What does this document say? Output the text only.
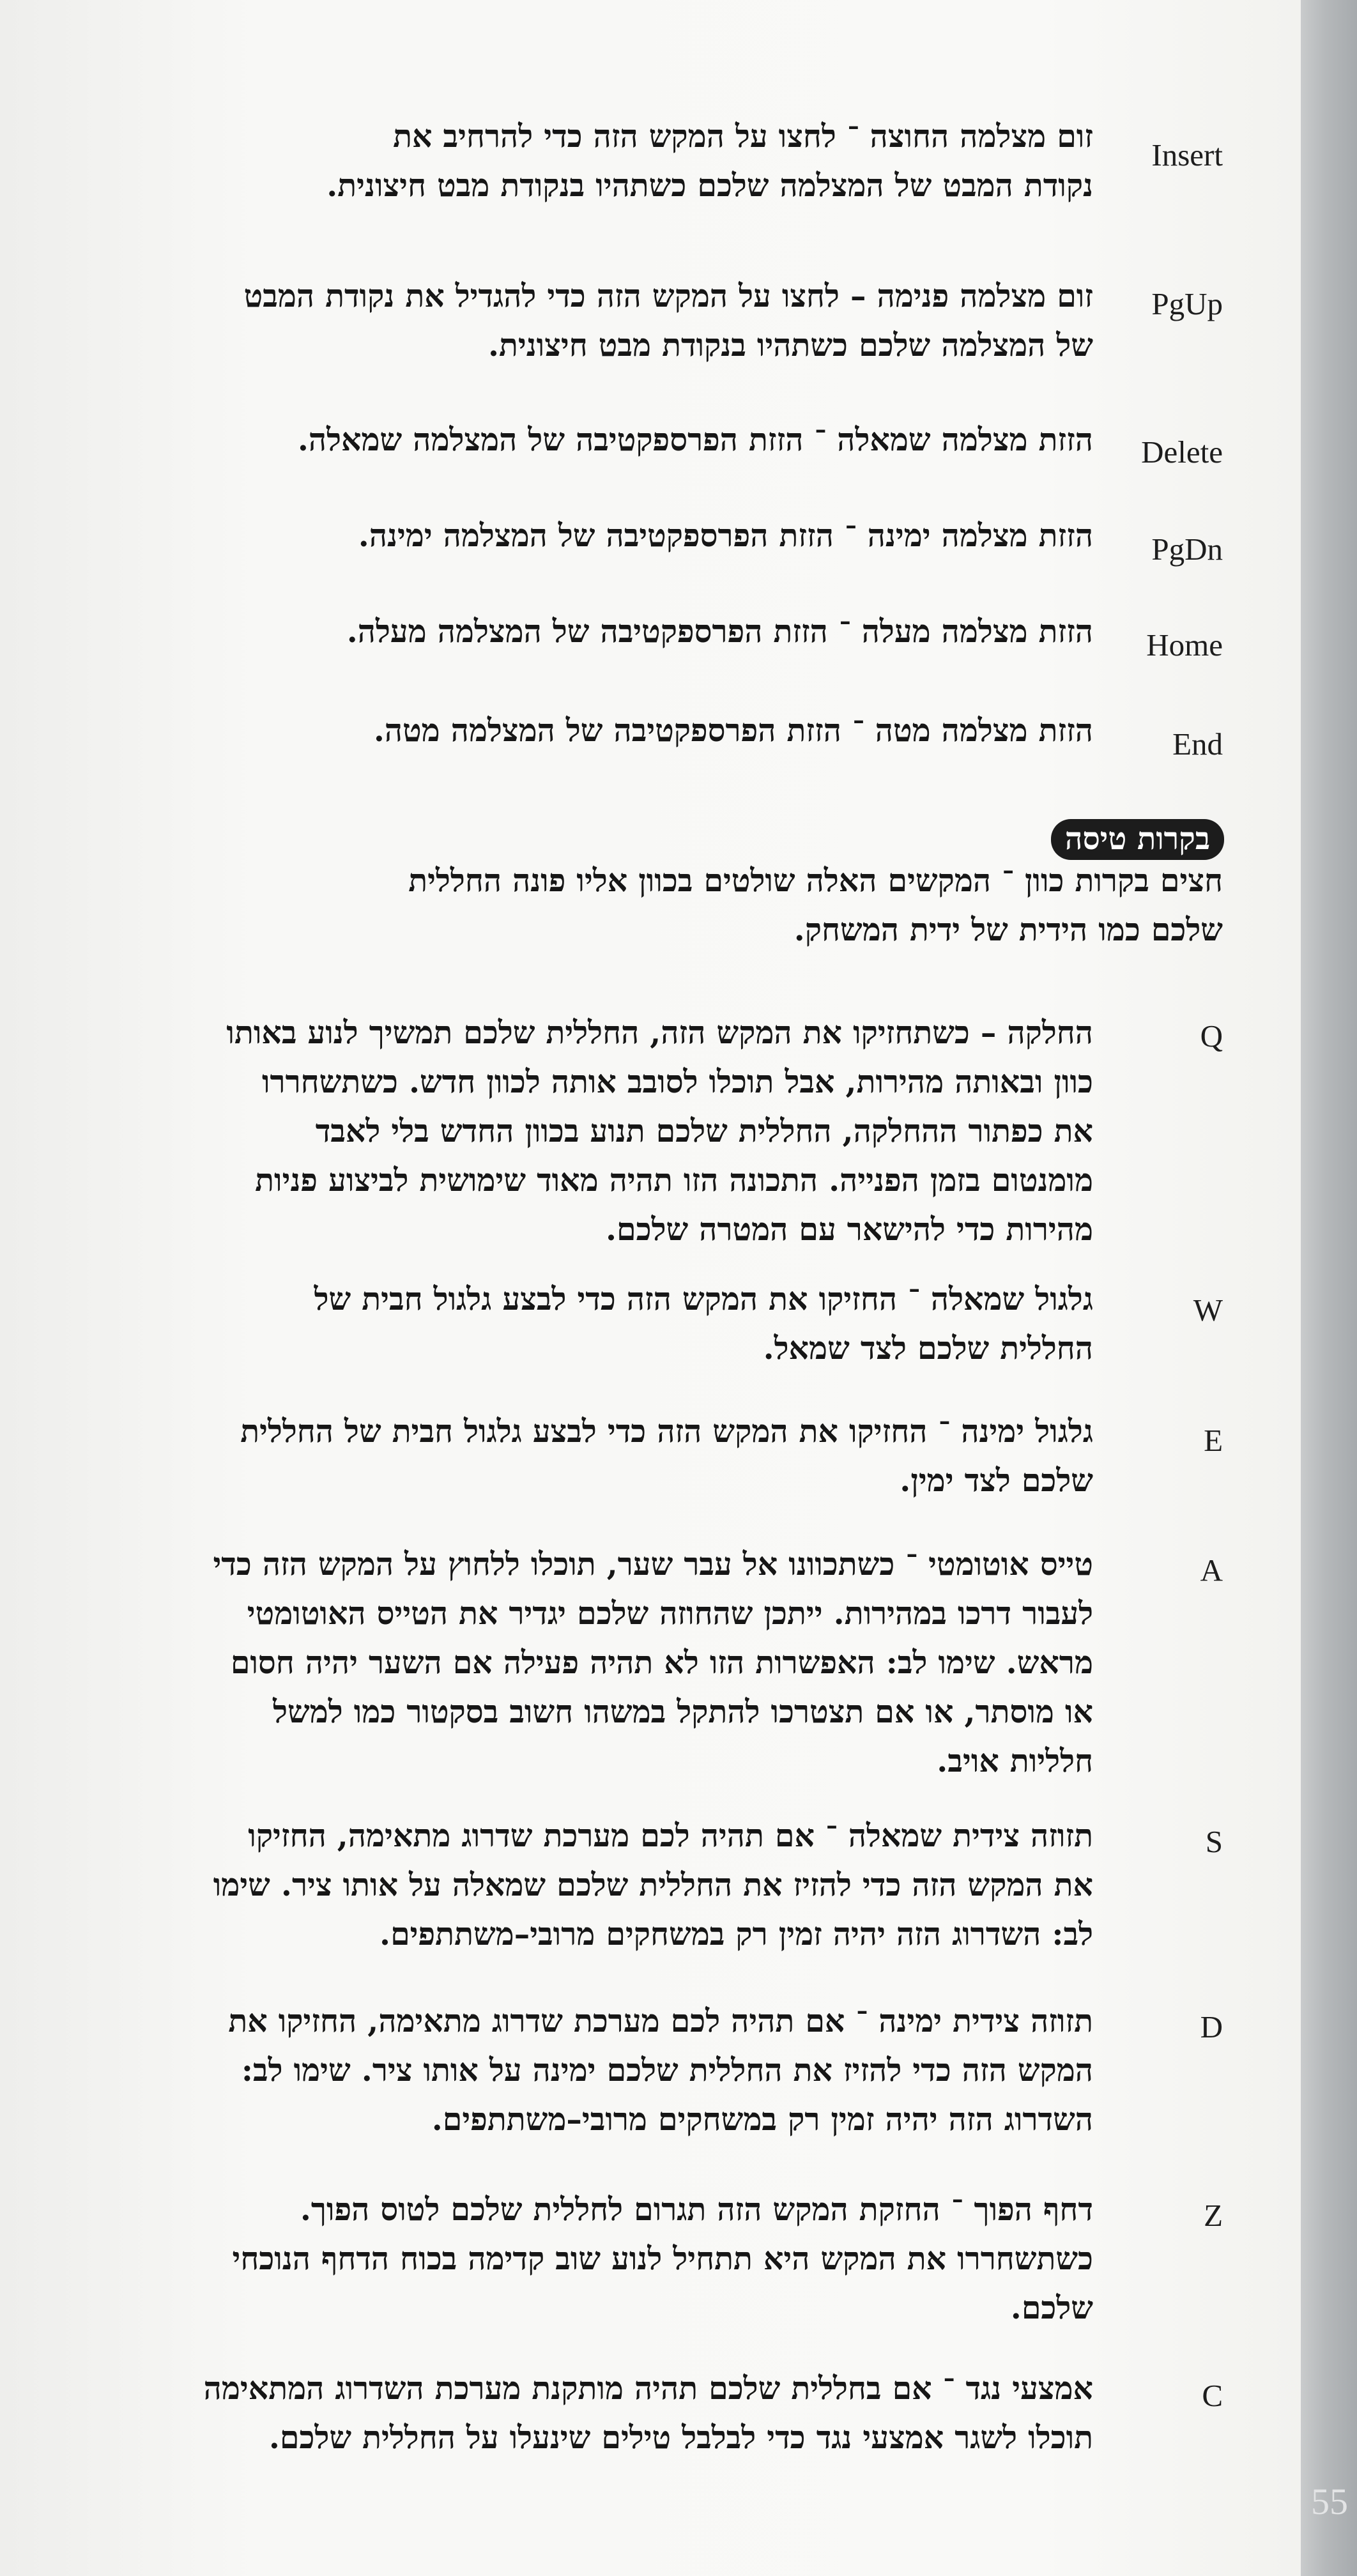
Insert
זום מצלמה החוצה ־ לחצו על המקש הזה כדי להרחיב את
נקודת המבט של המצלמה שלכם כשתהיו בנקודת מבט חיצונית.
PgUp
זום מצלמה פנימה – לחצו על המקש הזה כדי להגדיל את נקודת המבט
של המצלמה שלכם כשתהיו בנקודת מבט חיצונית.
Delete
הזזת מצלמה שמאלה ־ הזזת הפרספקטיבה של המצלמה שמאלה.
PgDn
הזזת מצלמה ימינה ־ הזזת הפרספקטיבה של המצלמה ימינה.
Home
הזזת מצלמה מעלה ־ הזזת הפרספקטיבה של המצלמה מעלה.
End
הזזת מצלמה מטה ־ הזזת הפרספקטיבה של המצלמה מטה.
בקרות טיסה
חצים בקרות כוון ־ המקשים האלה שולטים בכוון אליו פונה החללית
שלכם כמו הידית של ידית המשחק.
Q
החלקה – כשתחזיקו את המקש הזה, החללית שלכם תמשיך לנוע באותו
כוון ובאותה מהירות, אבל תוכלו לסובב אותה לכוון חדש. כשתשחררו
את כפתור ההחלקה, החללית שלכם תנוע בכוון החדש בלי לאבד
מומנטום בזמן הפנייה. התכונה הזו תהיה מאוד שימושית לביצוע פניות
מהירות כדי להישאר עם המטרה שלכם.
W
גלגול שמאלה ־ החזיקו את המקש הזה כדי לבצע גלגול חבית של
החללית שלכם לצד שמאל.
E
גלגול ימינה ־ החזיקו את המקש הזה כדי לבצע גלגול חבית של החללית
שלכם לצד ימין.
A
טייס אוטומטי ־ כשתכוונו אל עבר שער, תוכלו ללחוץ על המקש הזה כדי
לעבור דרכו במהירות. ייתכן שהחוזה שלכם יגדיר את הטייס האוטומטי
מראש. שימו לב: האפשרות הזו לא תהיה פעילה אם השער יהיה חסום
או מוסתר, או אם תצטרכו להתקל במשהו חשוב בסקטור כמו למשל
חלליות אויב.
S
תזוזה צידית שמאלה ־ אם תהיה לכם מערכת שדרוג מתאימה, החזיקו
את המקש הזה כדי להזיז את החללית שלכם שמאלה על אותו ציר. שימו
לב: השדרוג הזה יהיה זמין רק במשחקים מרובי–משתתפים.
D
תזוזה צידית ימינה ־ אם תהיה לכם מערכת שדרוג מתאימה, החזיקו את
המקש הזה כדי להזיז את החללית שלכם ימינה על אותו ציר. שימו לב:
השדרוג הזה יהיה זמין רק במשחקים מרובי–משתתפים.
Z
דחף הפוך ־ החזקת המקש הזה תגרום לחללית שלכם לטוס הפוך.
כשתשחררו את המקש היא תתחיל לנוע שוב קדימה בכוח הדחף הנוכחי
שלכם.
C
אמצעי נגד ־ אם בחללית שלכם תהיה מותקנת מערכת השדרוג המתאימה
תוכלו לשגר אמצעי נגד כדי לבלבל טילים שינעלו על החללית שלכם.
55
